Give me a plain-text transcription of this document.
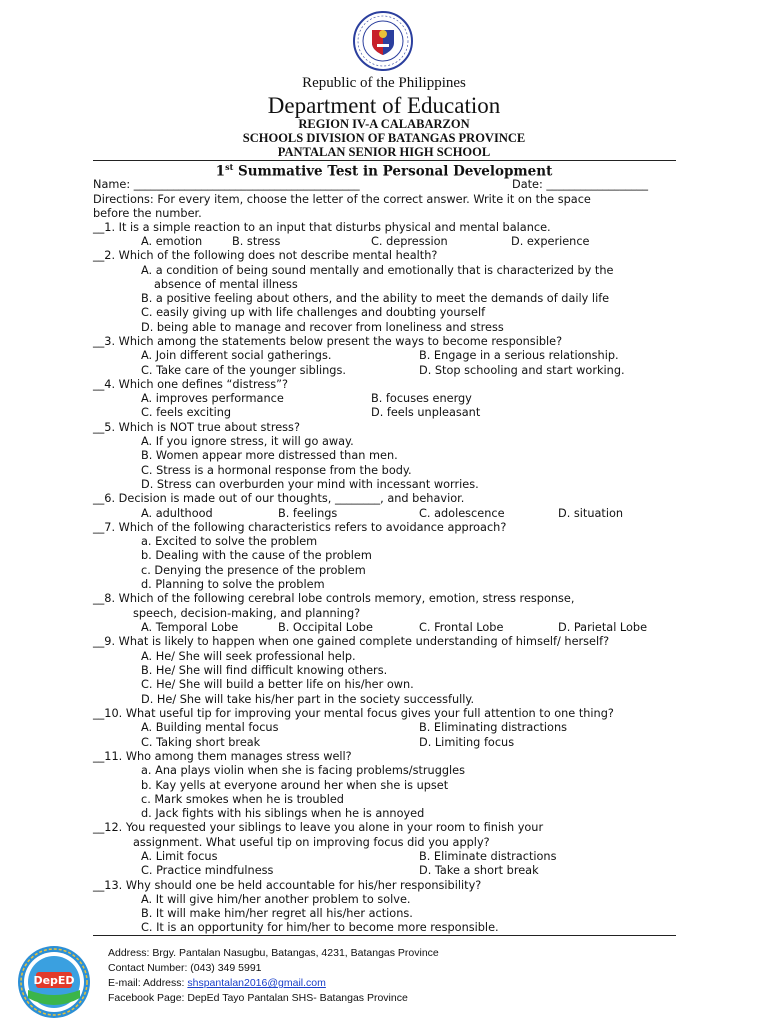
Republic of the Philippines
Department of Education
REGION IV-A CALABARZON
SCHOOLS DIVISION OF BATANGAS PROVINCE
PANTALAN SENIOR HIGH SCHOOL
1st Summative Test in Personal Development
Name: ________________________________________	Date: __________________
Directions: For every item, choose the letter of the correct answer. Write it on the space
before the number.
__1. It is a simple reaction to an input that disturbs physical and mental balance.
A. emotion	B. stress	C. depression	D. experience
__2. Which of the following does not describe mental health?
A. a condition of being sound mentally and emotionally that is characterized by the
absence of mental illness
B. a positive feeling about others, and the ability to meet the demands of daily life
C. easily giving up with life challenges and doubting yourself
D. being able to manage and recover from loneliness and stress
__3. Which among the statements below present the ways to become responsible?
A. Join different social gatherings.	B. Engage in a serious relationship.
C. Take care of the younger siblings.	D. Stop schooling and start working.
__4. Which one defines “distress”?
A. improves performance	B. focuses energy
C. feels exciting	D. feels unpleasant
__5. Which is NOT true about stress?
A. If you ignore stress, it will go away.
B. Women appear more distressed than men.
C. Stress is a hormonal response from the body.
D. Stress can overburden your mind with incessant worries.
__6. Decision is made out of our thoughts, ________, and behavior.
A. adulthood	B. feelings	C. adolescence	D. situation
__7. Which of the following characteristics refers to avoidance approach?
a. Excited to solve the problem
b. Dealing with the cause of the problem
c. Denying the presence of the problem
d. Planning to solve the problem
__8. Which of the following cerebral lobe controls memory, emotion, stress response,
speech, decision-making, and planning?
A. Temporal Lobe	B. Occipital Lobe	C. Frontal Lobe	D. Parietal Lobe
__9. What is likely to happen when one gained complete understanding of himself/ herself?
A. He/ She will seek professional help.
B. He/ She will find difficult knowing others.
C. He/ She will build a better life on his/her own.
D. He/ She will take his/her part in the society successfully.
__10. What useful tip for improving your mental focus gives your full attention to one thing?
A. Building mental focus	B. Eliminating distractions
C. Taking short break	D. Limiting focus
__11. Who among them manages stress well?
a. Ana plays violin when she is facing problems/struggles
b. Kay yells at everyone around her when she is upset
c. Mark smokes when he is troubled
d. Jack fights with his siblings when he is annoyed
__12. You requested your siblings to leave you alone in your room to finish your
assignment. What useful tip on improving focus did you apply?
A. Limit focus	B. Eliminate distractions
C. Practice mindfulness	D. Take a short break
__13. Why should one be held accountable for his/her responsibility?
A. It will give him/her another problem to solve.
B. It will make him/her regret all his/her actions.
C. It is an opportunity for him/her to become more responsible.
DepED
Address: Brgy. Pantalan Nasugbu, Batangas, 4231, Batangas Province
Contact Number: (043) 349 5991
E-mail: Address: shspantalan2016@gmail.com
Facebook Page: DepEd Tayo Pantalan SHS- Batangas Province
